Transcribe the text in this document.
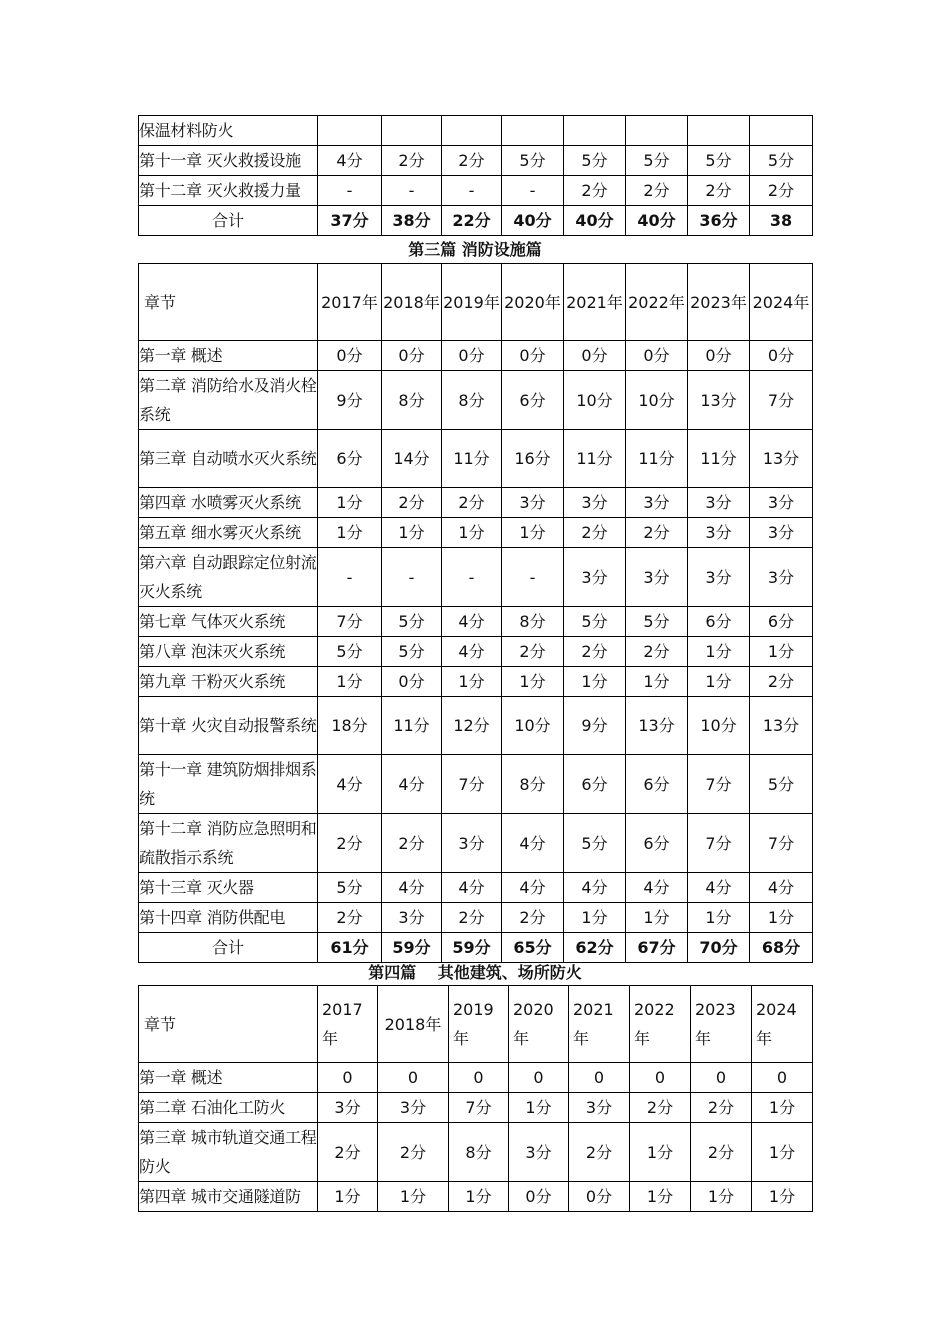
保温材料防火								
第十一章 灭火救援设施	4分	2分	2分	5分	5分	5分	5分	5分
第十二章 灭火救援力量	-	-	-	-	2分	2分	2分	2分
合计	37分	38分	22分	40分	40分	40分	36分	38
第三篇 消防设施篇
章节	2017年	2018年	2019年	2020年	2021年	2022年	2023年	2024年
第一章 概述	0分	0分	0分	0分	0分	0分	0分	0分
第二章 消防给水及消火栓系统	9分	8分	8分	6分	10分	10分	13分	7分
第三章 自动喷水灭火系统	6分	14分	11分	16分	11分	11分	11分	13分
第四章 水喷雾灭火系统	1分	2分	2分	3分	3分	3分	3分	3分
第五章 细水雾灭火系统	1分	1分	1分	1分	2分	2分	3分	3分
第六章 自动跟踪定位射流灭火系统	-	-	-	-	3分	3分	3分	3分
第七章 气体灭火系统	7分	5分	4分	8分	5分	5分	6分	6分
第八章 泡沫灭火系统	5分	5分	4分	2分	2分	2分	1分	1分
第九章 干粉灭火系统	1分	0分	1分	1分	1分	1分	1分	2分
第十章 火灾自动报警系统	18分	11分	12分	10分	9分	13分	10分	13分
第十一章 建筑防烟排烟系统	4分	4分	7分	8分	6分	6分	7分	5分
第十二章 消防应急照明和疏散指示系统	2分	2分	3分	4分	5分	6分	7分	7分
第十三章 灭火器	5分	4分	4分	4分	4分	4分	4分	4分
第十四章 消防供配电	2分	3分	2分	2分	1分	1分	1分	1分
合计	61分	59分	59分	65分	62分	67分	70分	68分
第四篇　 其他建筑、场所防火
章节	2017年	2018年	2019年	2020年	2021年	2022年	2023年	2024年
第一章 概述	0	0	0	0	0	0	0	0
第二章 石油化工防火	3分	3分	7分	1分	3分	2分	2分	1分
第三章 城市轨道交通工程防火	2分	2分	8分	3分	2分	1分	2分	1分
第四章 城市交通隧道防	1分	1分	1分	0分	0分	1分	1分	1分
